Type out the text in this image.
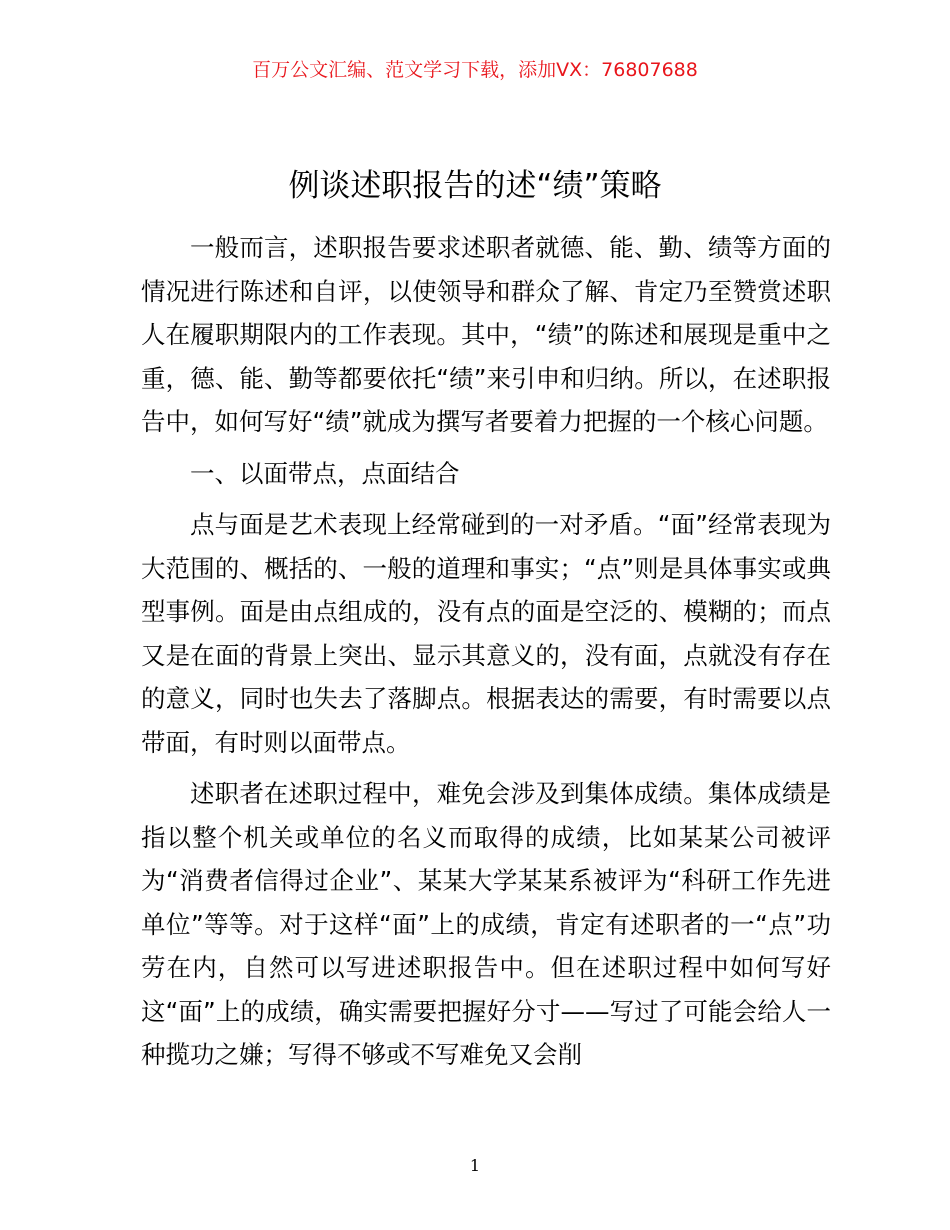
百万公文汇编、范文学习下载，添加VX：76807688
例谈述职报告的述“绩”策略

一般而言，述职报告要求述职者就德、能、勤、绩等方面的情况进行陈述和自评，以使领导和群众了解、肯定乃至赞赏述职人在履职期限内的工作表现。其中，“绩”的陈述和展现是重中之重，德、能、勤等都要依托“绩”来引申和归纳。所以，在述职报告中，如何写好“绩”就成为撰写者要着力把握的一个核心问题。

一、以面带点，点面结合

点与面是艺术表现上经常碰到的一对矛盾。“面”经常表现为大范围的、概括的、一般的道理和事实；“点”则是具体事实或典型事例。面是由点组成的，没有点的面是空泛的、模糊的；而点又是在面的背景上突出、显示其意义的，没有面，点就没有存在的意义，同时也失去了落脚点。根据表达的需要，有时需要以点带面，有时则以面带点。

述职者在述职过程中，难免会涉及到集体成绩。集体成绩是指以整个机关或单位的名义而取得的成绩，比如某某公司被评为“消费者信得过企业”、某某大学某某系被评为“科研工作先进单位”等等。对于这样“面”上的成绩，肯定有述职者的一“点”功劳在内，自然可以写进述职报告中。但在述职过程中如何写好这“面”上的成绩，确实需要把握好分寸——写过了可能会给人一种揽功之嫌；写得不够或不写难免又会削

1
